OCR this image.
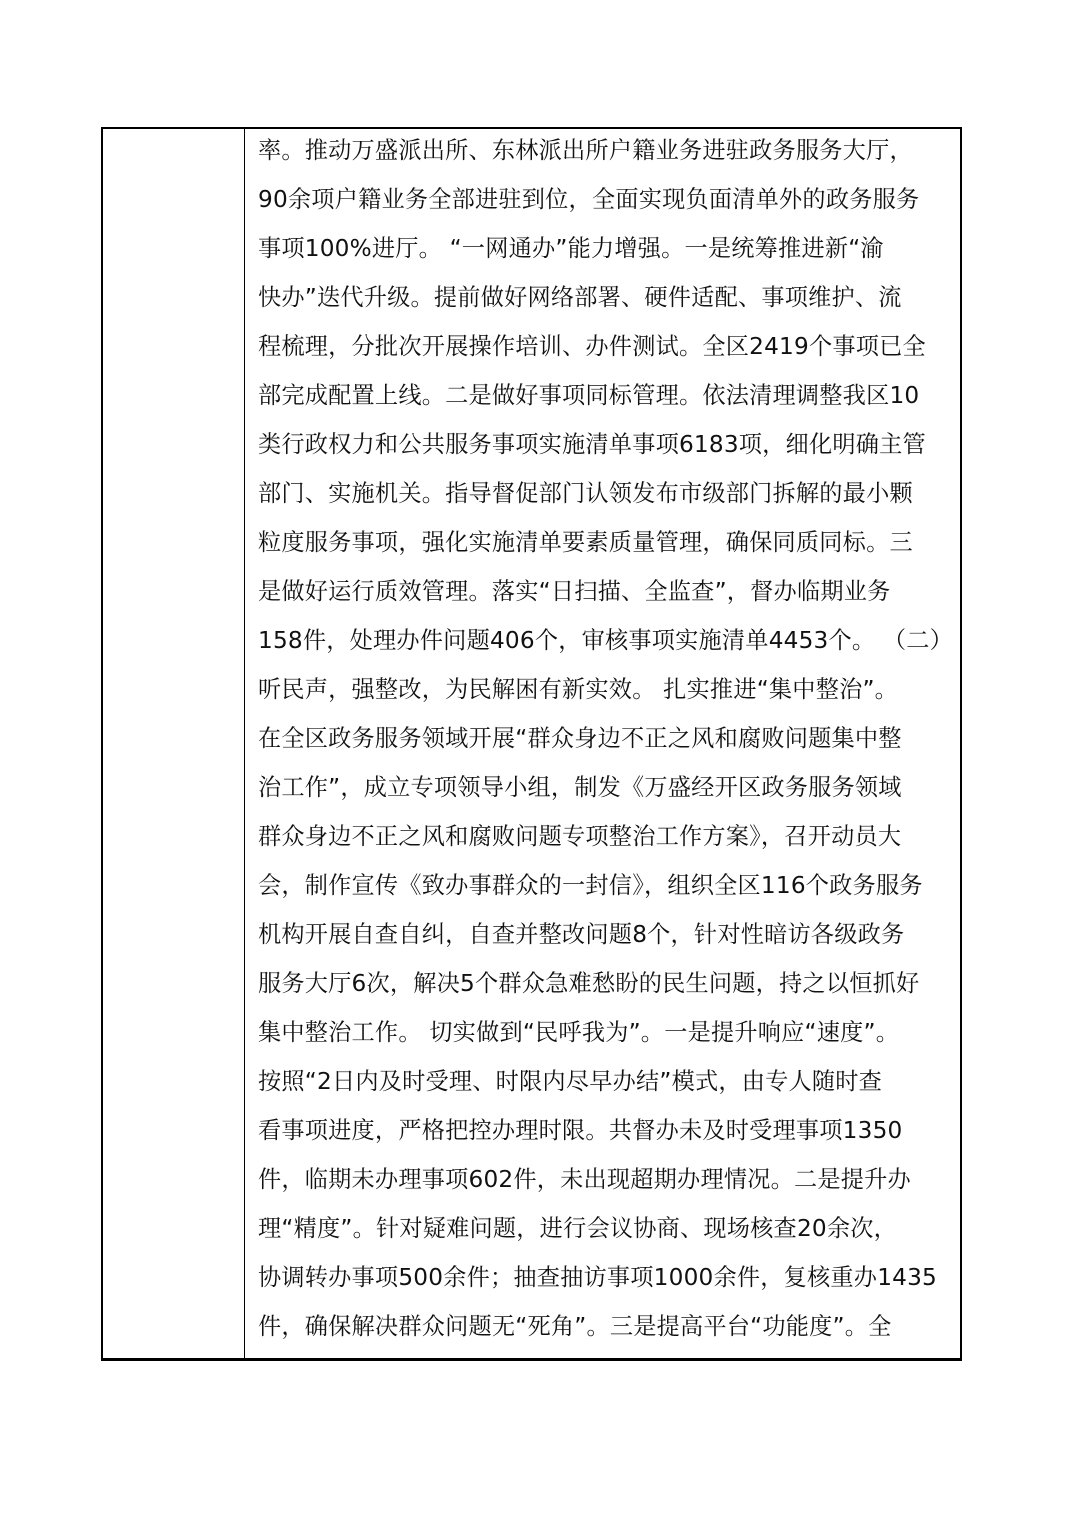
率。推动万盛派出所、东林派出所户籍业务进驻政务服务大厅，
90余项户籍业务全部进驻到位，全面实现负面清单外的政务服务
事项100%进厅。 “一网通办”能力增强。一是统筹推进新“渝
快办”迭代升级。提前做好网络部署、硬件适配、事项维护、流
程梳理，分批次开展操作培训、办件测试。全区2419个事项已全
部完成配置上线。二是做好事项同标管理。依法清理调整我区10
类行政权力和公共服务事项实施清单事项6183项，细化明确主管
部门、实施机关。指导督促部门认领发布市级部门拆解的最小颗
粒度服务事项，强化实施清单要素质量管理，确保同质同标。三
是做好运行质效管理。落实“日扫描、全监查”，督办临期业务
158件，处理办件问题406个，审核事项实施清单4453个。 （二）
听民声，强整改，为民解困有新实效。 扎实推进“集中整治”。
在全区政务服务领域开展“群众身边不正之风和腐败问题集中整
治工作”，成立专项领导小组，制发《万盛经开区政务服务领域
群众身边不正之风和腐败问题专项整治工作方案》，召开动员大
会，制作宣传《致办事群众的一封信》，组织全区116个政务服务
机构开展自查自纠，自查并整改问题8个，针对性暗访各级政务
服务大厅6次，解决5个群众急难愁盼的民生问题，持之以恒抓好
集中整治工作。 切实做到“民呼我为”。一是提升响应“速度”。
按照“2日内及时受理、时限内尽早办结”模式，由专人随时查
看事项进度，严格把控办理时限。共督办未及时受理事项1350
件，临期未办理事项602件，未出现超期办理情况。二是提升办
理“精度”。针对疑难问题，进行会议协商、现场核查20余次，
协调转办事项500余件；抽查抽访事项1000余件，复核重办1435
件，确保解决群众问题无“死角”。三是提高平台“功能度”。全
